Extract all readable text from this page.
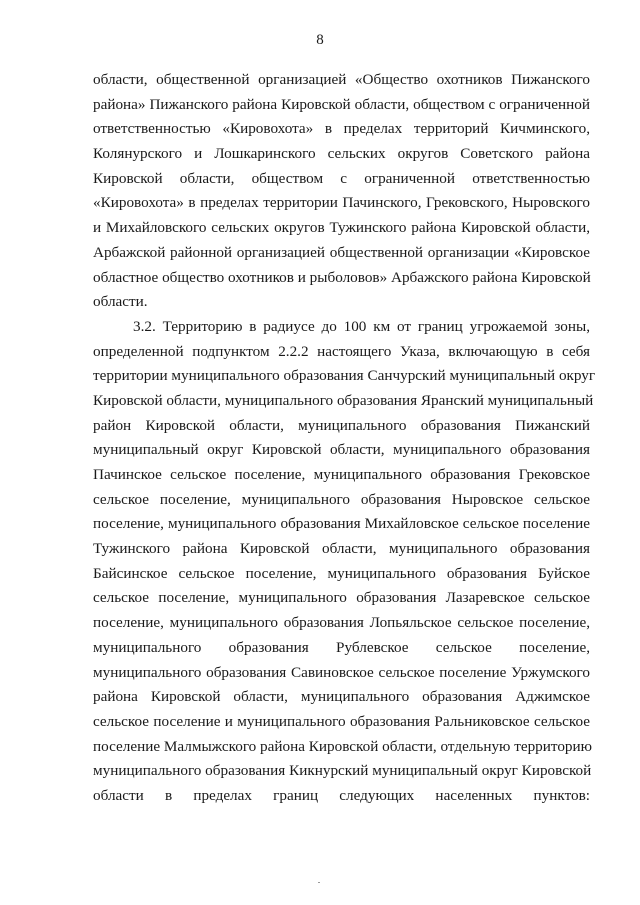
8
области, общественной организацией «Общество охотников Пижанского
района» Пижанского района Кировской области, обществом с ограниченной
ответственностью «Кировохота» в пределах территорий Кичминского,
Колянурского и Лошкаринского сельских округов Советского района
Кировской области, обществом с ограниченной ответственностью
«Кировохота» в пределах территории Пачинского, Грековского, Ныровского
и Михайловского сельских округов Тужинского района Кировской области,
Арбажской районной организацией общественной организации «Кировское
областное общество охотников и рыболовов» Арбажского района Кировской
области.
3.2. Территорию в радиусе до 100 км от границ угрожаемой зоны,
определенной подпунктом 2.2.2 настоящего Указа, включающую в себя
территории муниципального образования Санчурский муниципальный округ
Кировской области, муниципального образования Яранский муниципальный
район Кировской области, муниципального образования Пижанский
муниципальный округ Кировской области, муниципального образования
Пачинское сельское поселение, муниципального образования Грековское
сельское поселение, муниципального образования Ныровское сельское
поселение, муниципального образования Михайловское сельское поселение
Тужинского района Кировской области, муниципального образования
Байсинское сельское поселение, муниципального образования Буйское
сельское поселение, муниципального образования Лазаревское сельское
поселение, муниципального образования Лопьяльское сельское поселение,
муниципального образования Рублевское сельское поселение,
муниципального образования Савиновское сельское поселение Уржумского
района Кировской области, муниципального образования Аджимское
сельское поселение и муниципального образования Ральниковское сельское
поселение Малмыжского района Кировской области, отдельную территорию
муниципального образования Кикнурский муниципальный округ Кировской
области в пределах границ следующих населенных пунктов:
